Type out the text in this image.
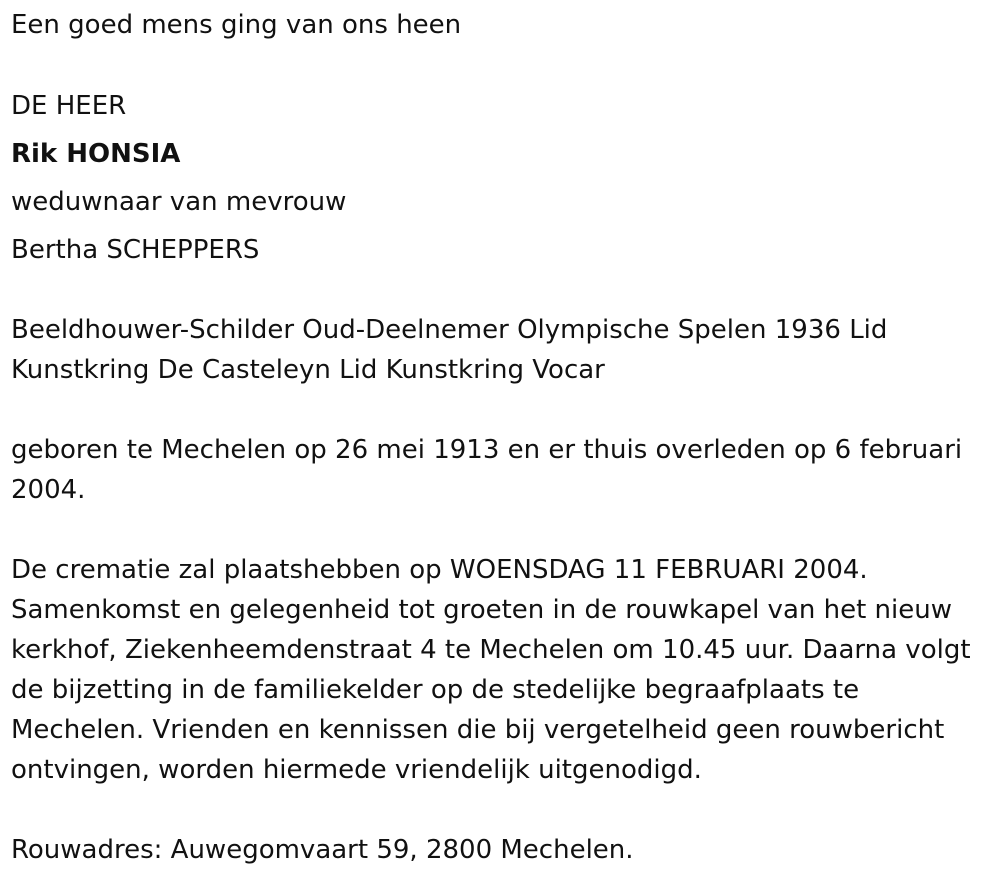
Een goed mens ging van ons heen
DE HEER
Rik HONSIA
weduwnaar van mevrouw
Bertha SCHEPPERS
Beeldhouwer-Schilder Oud-Deelnemer Olympische Spelen 1936 Lid
Kunstkring De Casteleyn Lid Kunstkring Vocar
geboren te Mechelen op 26 mei 1913 en er thuis overleden op 6 februari
2004.
De crematie zal plaatshebben op WOENSDAG 11 FEBRUARI 2004.
Samenkomst en gelegenheid tot groeten in de rouwkapel van het nieuw
kerkhof, Ziekenheemdenstraat 4 te Mechelen om 10.45 uur. Daarna volgt
de bijzetting in de familiekelder op de stedelijke begraafplaats te
Mechelen. Vrienden en kennissen die bij vergetelheid geen rouwbericht
ontvingen, worden hiermede vriendelijk uitgenodigd.
Rouwadres: Auwegomvaart 59, 2800 Mechelen.
